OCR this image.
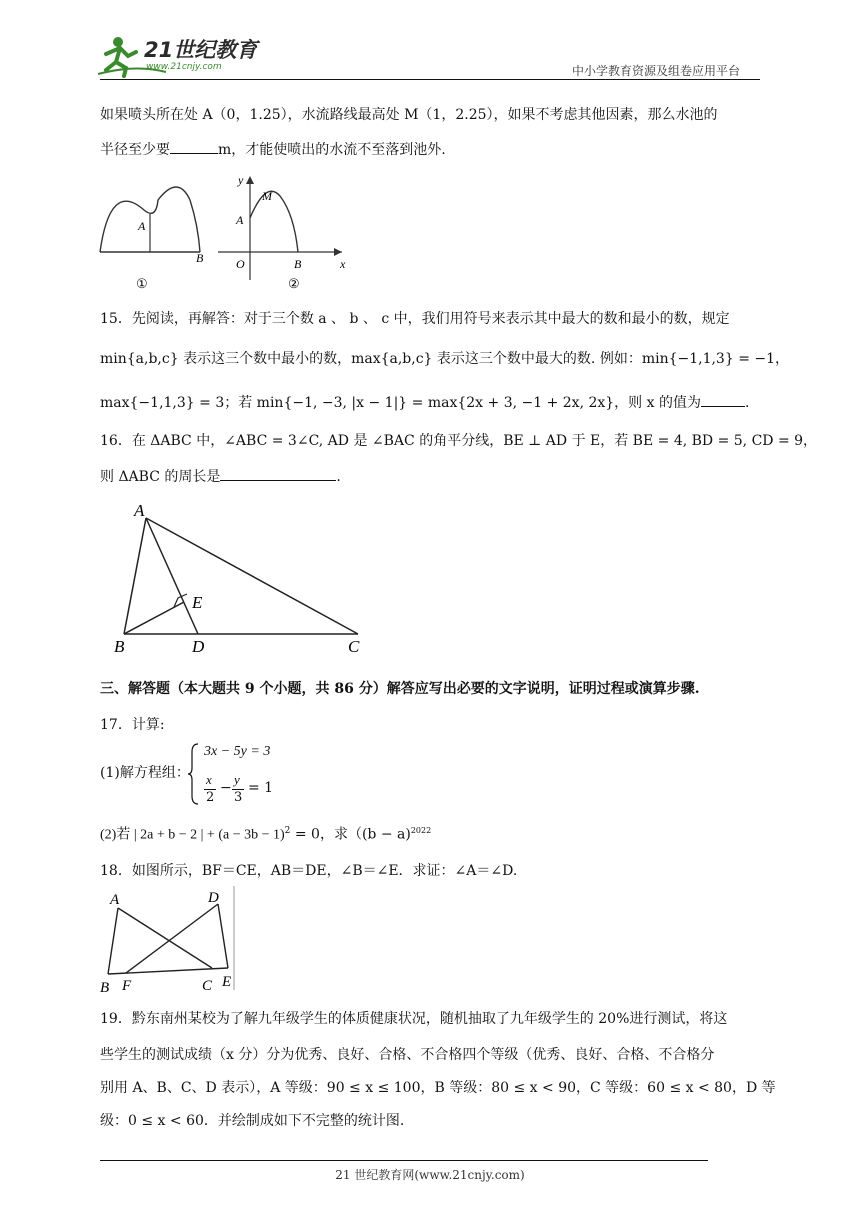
21世纪教育
www.21cnjy.com	中小学教育资源及组卷应用平台
如果喷头所在处 A（0，1.25），水流路线最高处 M（1，2.25），如果不考虑其他因素，那么水池的
半径至少要	m，才能使喷出的水流不至落到池外.
A
B
①
y
M
A
O	B	x
②
15．先阅读，再解答：对于三个数 a 、 b 、 c 中，我们用符号来表示其中最大的数和最小的数，规定
min{a,b,c} 表示这三个数中最小的数，max{a,b,c} 表示这三个数中最大的数. 例如：min{−1,1,3} = −1，
max{−1,1,3} = 3；若 min{−1, −3, |x − 1|} = max{2x + 3, −1 + 2x, 2x}，则 x 的值为	.
16．在 ΔABC 中，∠ABC = 3∠C, AD 是 ∠BAC 的角平分线，BE ⊥ AD 于 E，若 BE = 4, BD = 5, CD = 9，
则 ΔABC 的周长是	.
A
B	D	C
E
三、解答题（本大题共 9 个小题，共 86 分）解答应写出必要的文字说明，证明过程或演算步骤.
17．计算:
(1)解方程组：
3x − 5y = 3
x
2
−
y
3
= 1
(2)若 | 2a + b − 2 | + $(a - 3b - 1)^2 = 0$，求（$(b - a)^{2022}$
18．如图所示，BF＝CE，AB＝DE，∠B＝∠E．求证：∠A＝∠D.
A	D
B F	C E
19．黔东南州某校为了解九年级学生的体质健康状况，随机抽取了九年级学生的 20%进行测试，将这
些学生的测试成绩（x 分）分为优秀、良好、合格、不合格四个等级（优秀、良好、合格、不合格分
别用 A、B、C、D 表示），A 等级：90 ≤ x ≤ 100，B 等级：80 ≤ x < 90，C 等级：60 ≤ x < 80，D 等
级：0 ≤ x < 60．并绘制成如下不完整的统计图.
21 世纪教育网(www.21cnjy.com)
